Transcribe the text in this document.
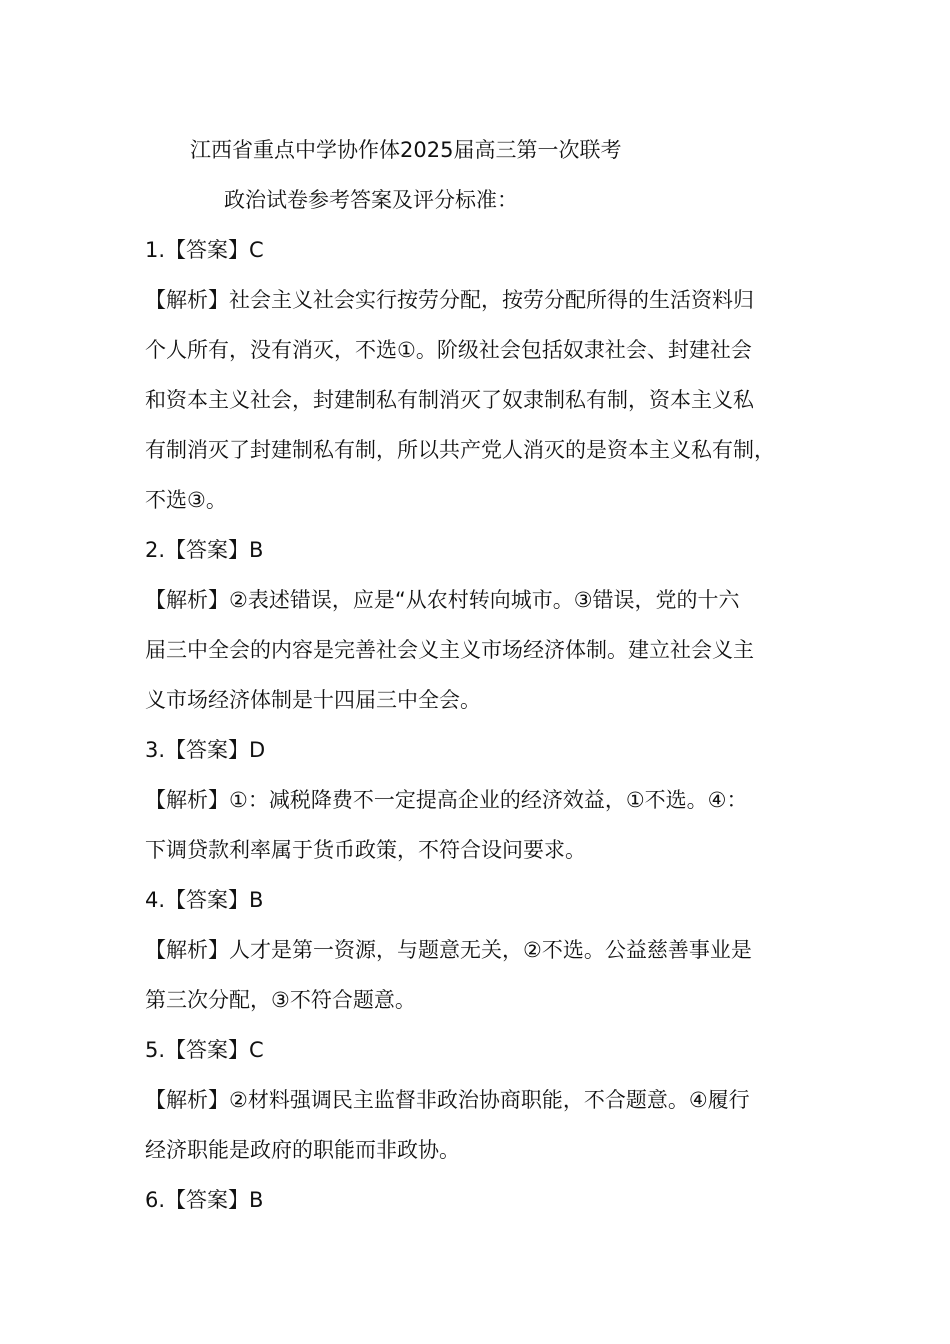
江西省重点中学协作体2025届高三第一次联考
政治试卷参考答案及评分标准：
1.【答案】C
【解析】社会主义社会实行按劳分配，按劳分配所得的生活资料归
个人所有，没有消灭，不选①。阶级社会包括奴隶社会、封建社会
和资本主义社会，封建制私有制消灭了奴隶制私有制，资本主义私
有制消灭了封建制私有制，所以共产党人消灭的是资本主义私有制，
不选③。
2.【答案】B
【解析】②表述错误，应是“从农村转向城市。③错误，党的十六
届三中全会的内容是完善社会义主义市场经济体制。建立社会义主
义市场经济体制是十四届三中全会。
3.【答案】D
【解析】①：减税降费不一定提高企业的经济效益，①不选。④：
下调贷款利率属于货币政策，不符合设问要求。
4.【答案】B
【解析】人才是第一资源，与题意无关，②不选。公益慈善事业是
第三次分配，③不符合题意。
5.【答案】C
【解析】②材料强调民主监督非政治协商职能，不合题意。④履行
经济职能是政府的职能而非政协。
6.【答案】B
